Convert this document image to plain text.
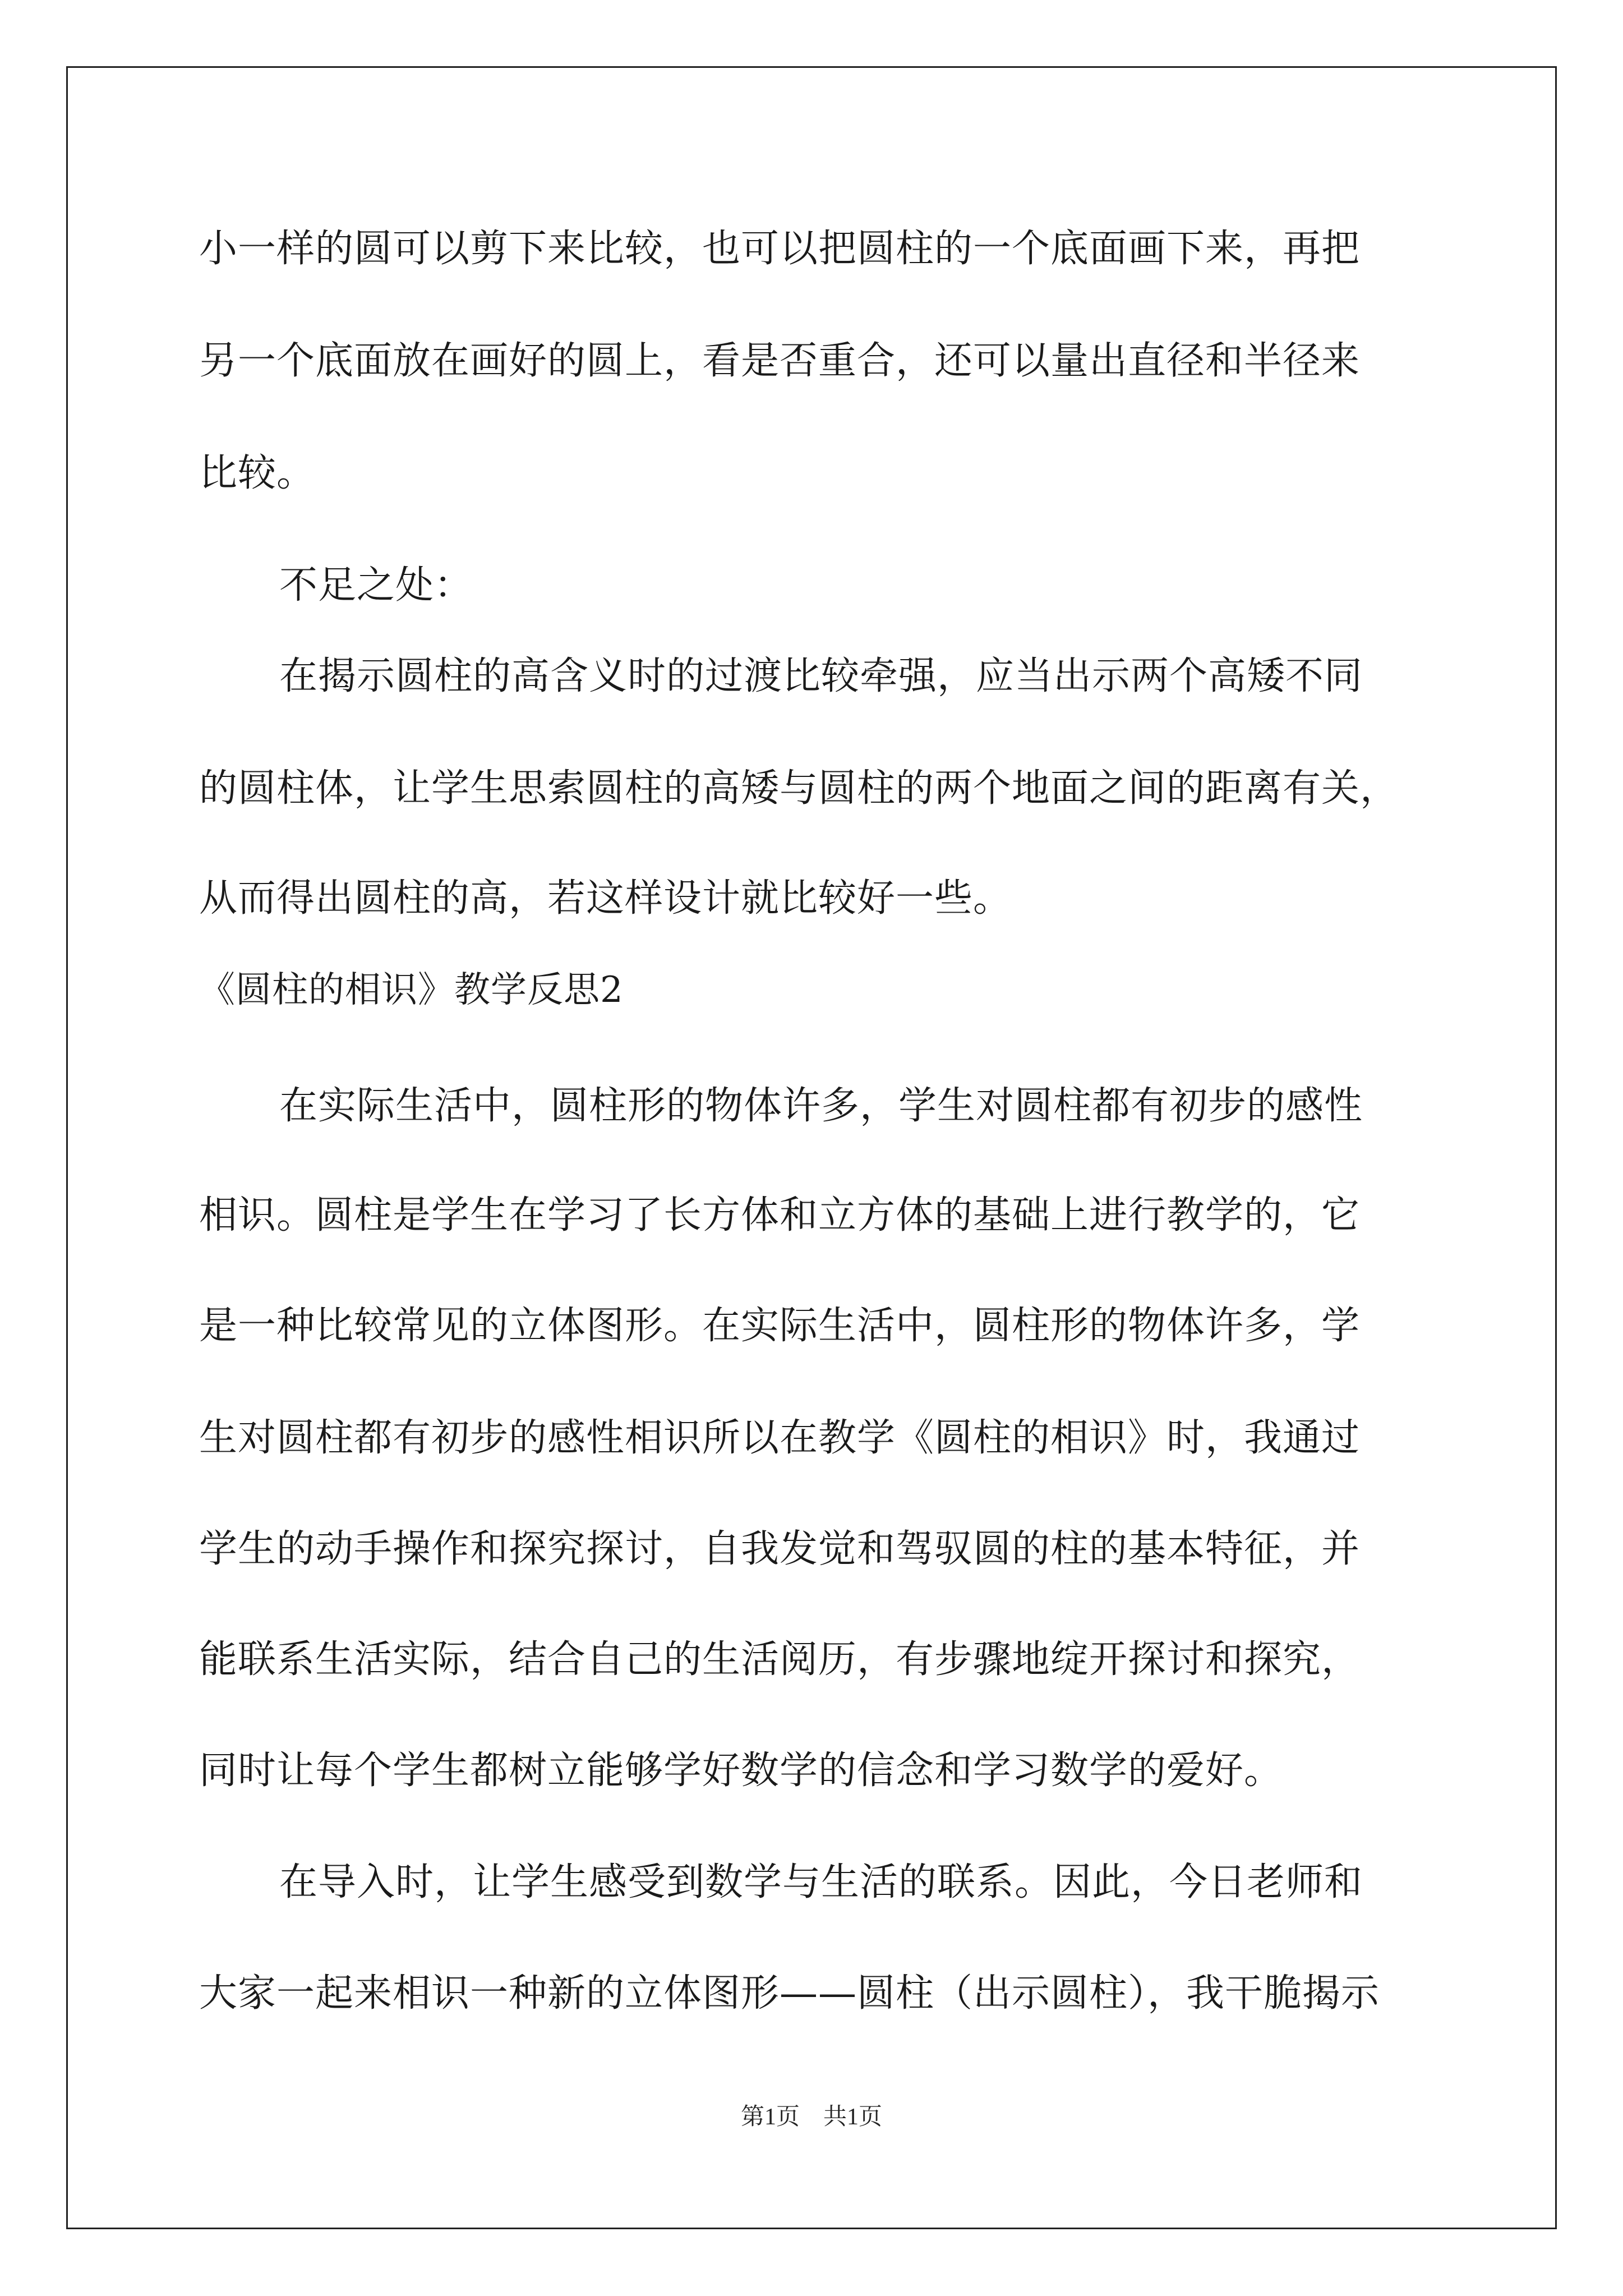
小一样的圆可以剪下来比较，也可以把圆柱的一个底面画下来，再把
另一个底面放在画好的圆上，看是否重合，还可以量出直径和半径来
比较。
不足之处：
在揭示圆柱的高含义时的过渡比较牵强，应当出示两个高矮不同
的圆柱体，让学生思索圆柱的高矮与圆柱的两个地面之间的距离有关，
从而得出圆柱的高，若这样设计就比较好一些。
《圆柱的相识》教学反思2
在实际生活中，圆柱形的物体许多，学生对圆柱都有初步的感性
相识。圆柱是学生在学习了长方体和立方体的基础上进行教学的，它
是一种比较常见的立体图形。在实际生活中，圆柱形的物体许多，学
生对圆柱都有初步的感性相识所以在教学《圆柱的相识》时，我通过
学生的动手操作和探究探讨，自我发觉和驾驭圆的柱的基本特征，并
能联系生活实际，结合自己的生活阅历，有步骤地绽开探讨和探究，
同时让每个学生都树立能够学好数学的信念和学习数学的爱好。
在导入时，让学生感受到数学与生活的联系。因此，今日老师和
大家一起来相识一种新的立体图形——圆柱（出示圆柱），我干脆揭示
第1页　共1页
